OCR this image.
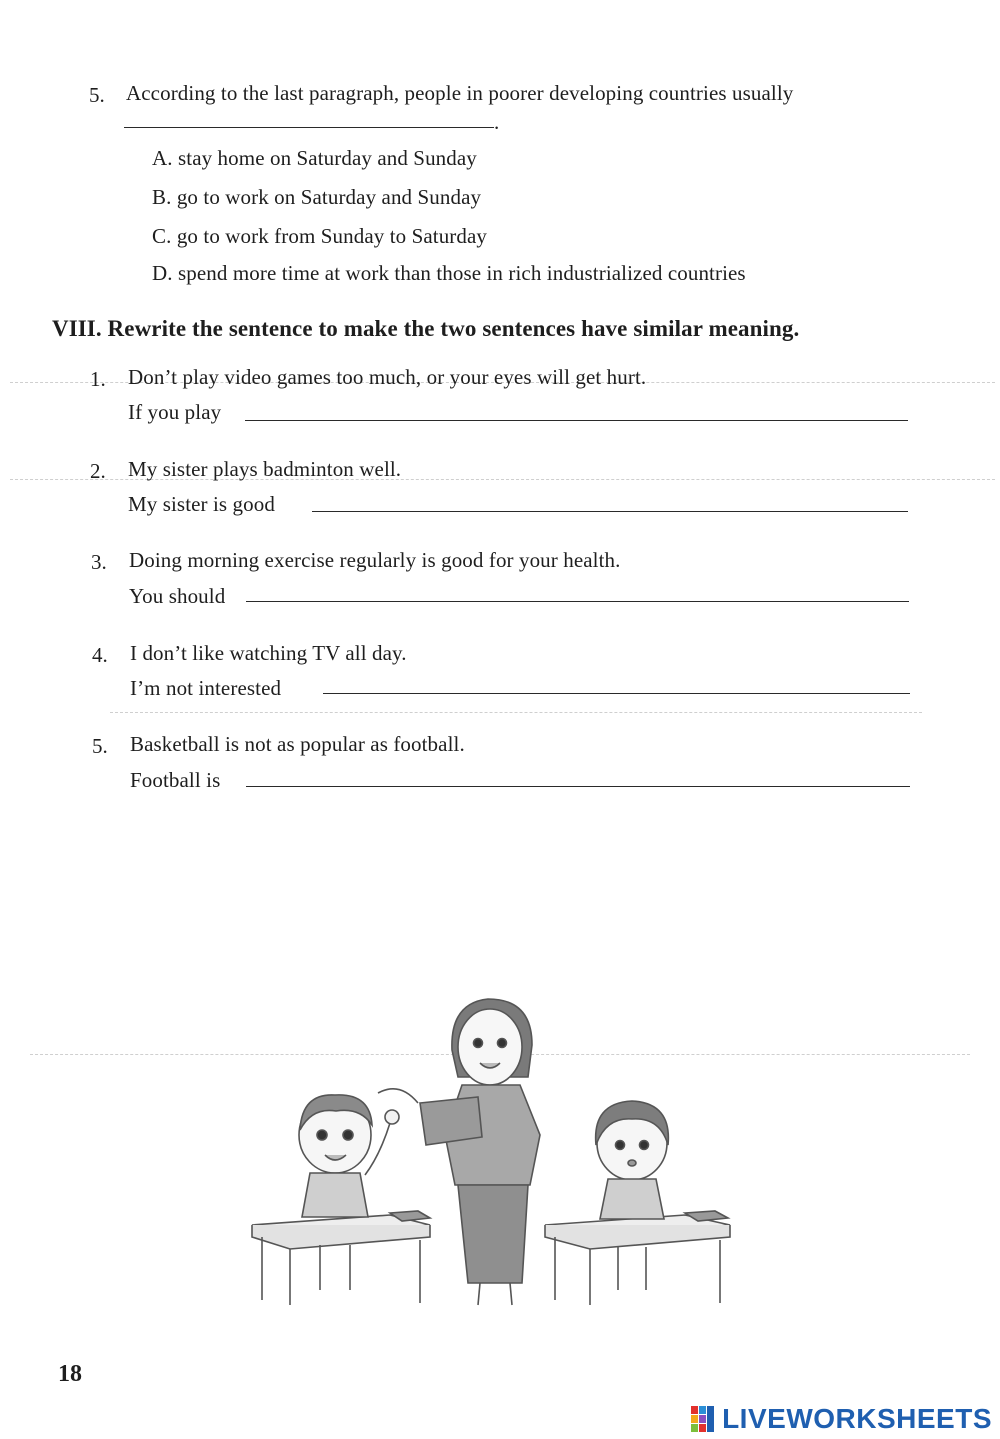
5. According to the last paragraph, people in poorer developing countries usually
.
A. stay home on Saturday and Sunday
B. go to work on Saturday and Sunday
C. go to work from Sunday to Saturday
D. spend more time at work than those in rich industrialized countries
VIII. Rewrite the sentence to make the two sentences have similar meaning.
1. Don’t play video games too much, or your eyes will get hurt.
If you play
2. My sister plays badminton well.
My sister is good
3. Doing morning exercise regularly is good for your health.
You should
4. I don’t like watching TV all day.
I’m not interested
5. Basketball is not as popular as football.
Football is
18
LIVEWORKSHEETS
